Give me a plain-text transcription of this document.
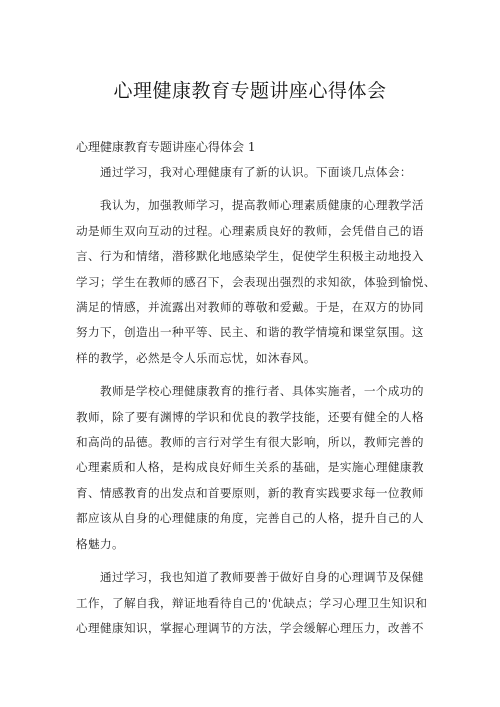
心理健康教育专题讲座心得体会
心理健康教育专题讲座心得体会 1
通过学习，我对心理健康有了新的认识。下面谈几点体会：
我认为，加强教师学习，提高教师心理素质健康的心理教学活
动是师生双向互动的过程。心理素质良好的教师，会凭借自己的语
言、行为和情绪，潜移默化地感染学生，促使学生积极主动地投入
学习；学生在教师的感召下，会表现出强烈的求知欲，体验到愉悦、
满足的情感，并流露出对教师的尊敬和爱戴。于是，在双方的协同
努力下，创造出一种平等、民主、和谐的教学情境和课堂氛围。这
样的教学，必然是令人乐而忘忧，如沐春风。
教师是学校心理健康教育的推行者、具体实施者，一个成功的
教师，除了要有渊博的学识和优良的教学技能，还要有健全的人格
和高尚的品德。教师的言行对学生有很大影响，所以，教师完善的
心理素质和人格，是构成良好师生关系的基础，是实施心理健康教
育、情感教育的出发点和首要原则，新的教育实践要求每一位教师
都应该从自身的心理健康的角度，完善自己的人格，提升自己的人
格魅力。
通过学习，我也知道了教师要善于做好自身的心理调节及保健
工作，了解自我，辩证地看待自己的'优缺点；学习心理卫生知识和
心理健康知识，掌握心理调节的方法，学会缓解心理压力，改善不
